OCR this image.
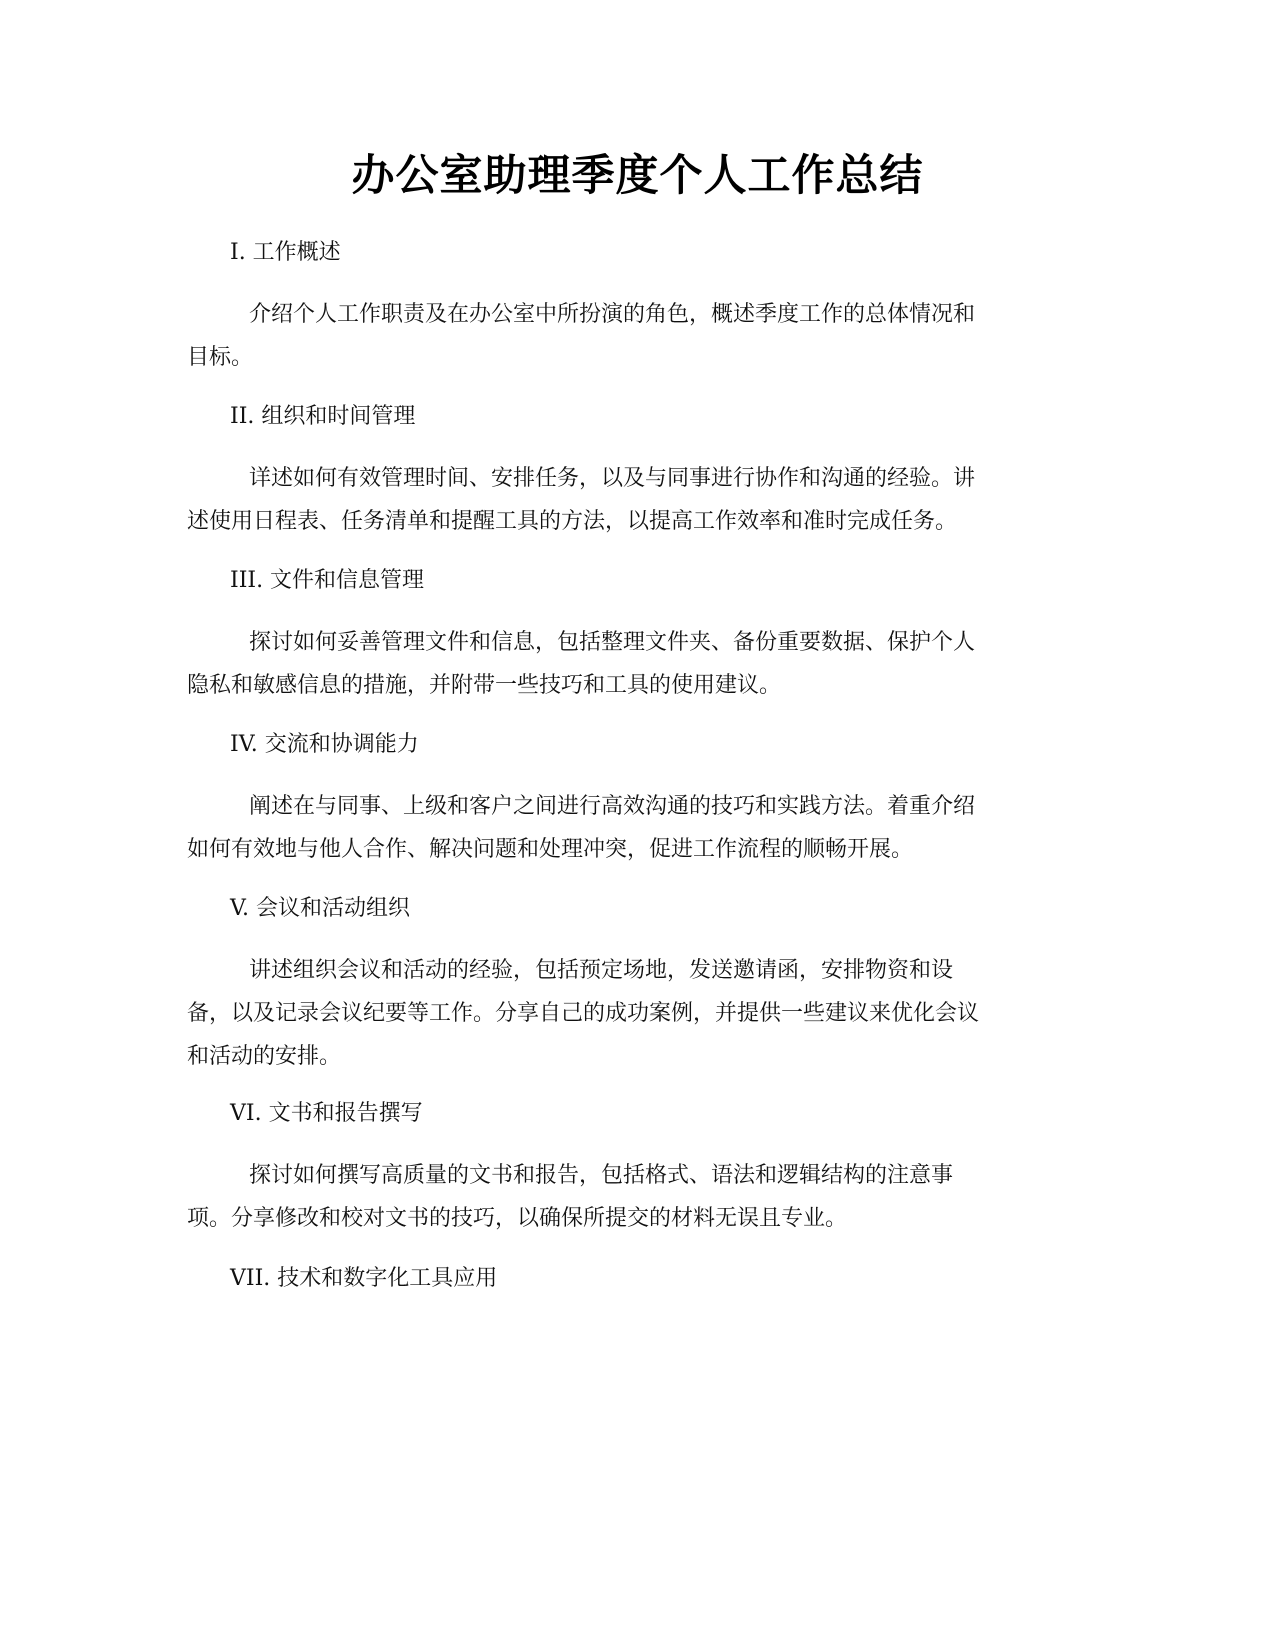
办公室助理季度个人工作总结
I. 工作概述

介绍个人工作职责及在办公室中所扮演的角色，概述季度工作的总体情况和
目标。

II. 组织和时间管理

详述如何有效管理时间、安排任务，以及与同事进行协作和沟通的经验。讲
述使用日程表、任务清单和提醒工具的方法，以提高工作效率和准时完成任务。

III. 文件和信息管理

探讨如何妥善管理文件和信息，包括整理文件夹、备份重要数据、保护个人
隐私和敏感信息的措施，并附带一些技巧和工具的使用建议。

IV. 交流和协调能力

阐述在与同事、上级和客户之间进行高效沟通的技巧和实践方法。着重介绍
如何有效地与他人合作、解决问题和处理冲突，促进工作流程的顺畅开展。

V. 会议和活动组织

讲述组织会议和活动的经验，包括预定场地，发送邀请函，安排物资和设
备，以及记录会议纪要等工作。分享自己的成功案例，并提供一些建议来优化会议
和活动的安排。

VI. 文书和报告撰写

探讨如何撰写高质量的文书和报告，包括格式、语法和逻辑结构的注意事
项。分享修改和校对文书的技巧，以确保所提交的材料无误且专业。

VII. 技术和数字化工具应用
